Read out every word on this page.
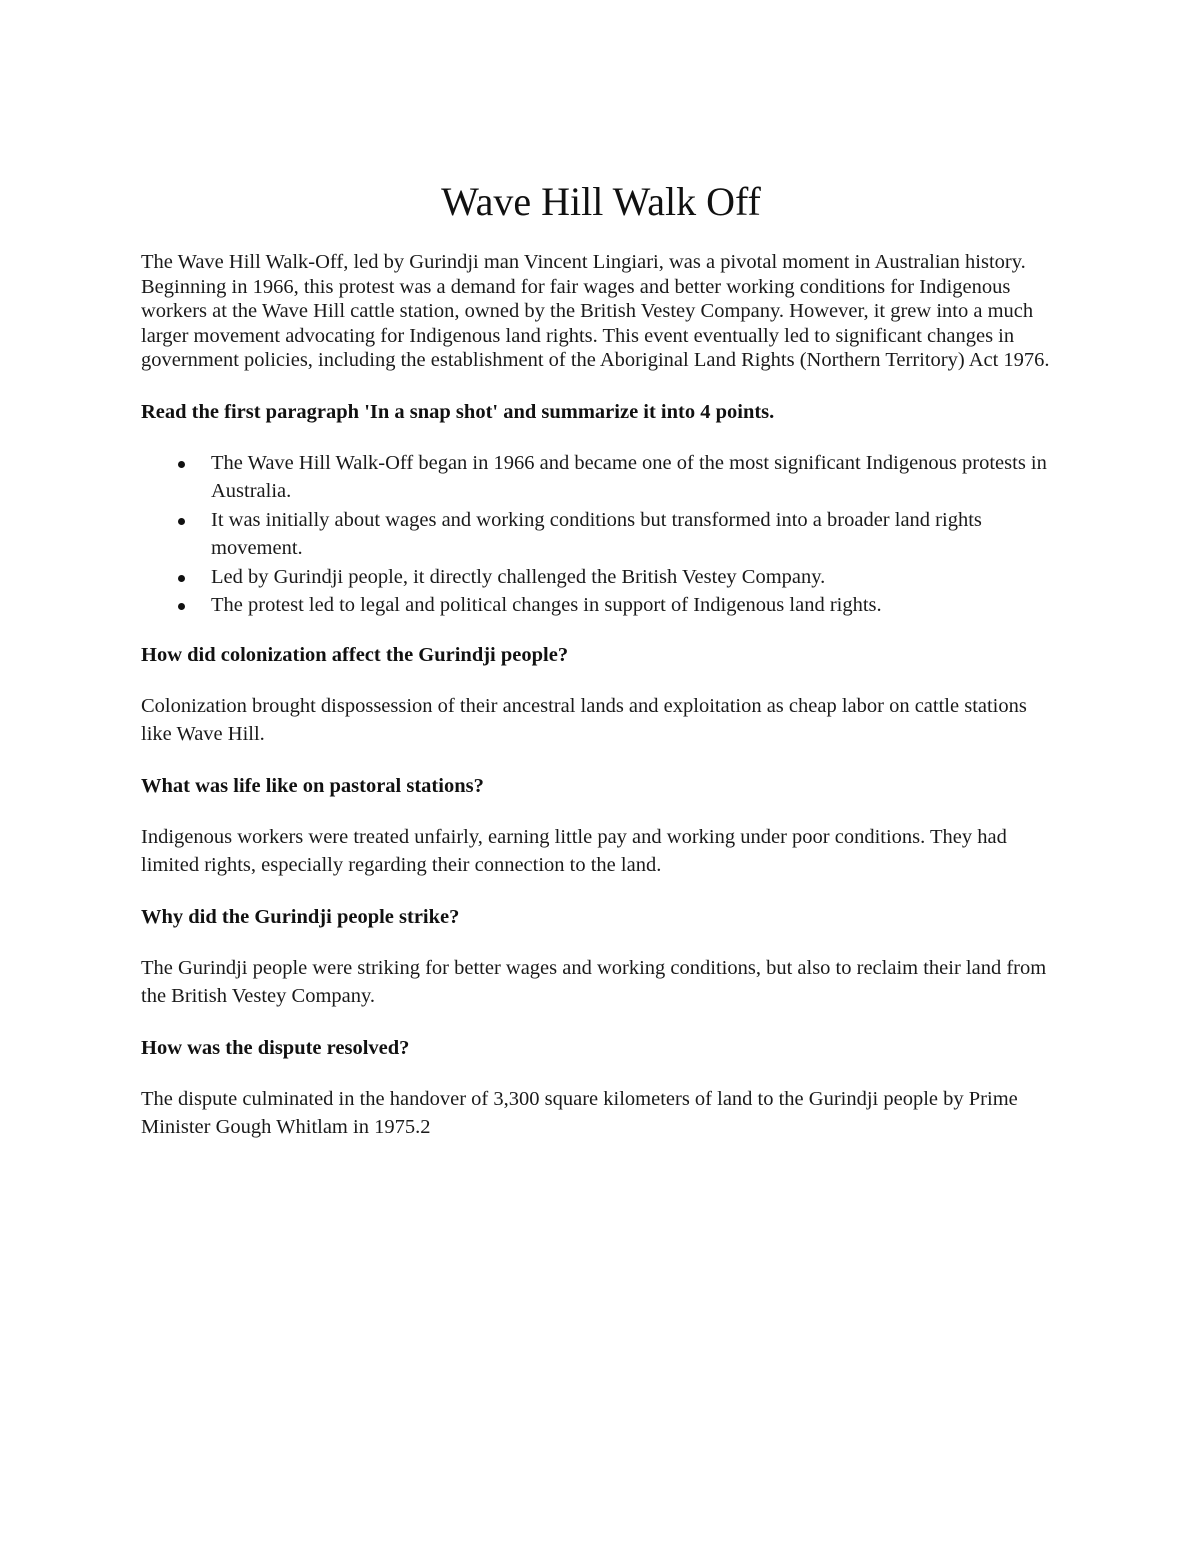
Wave Hill Walk Off

The Wave Hill Walk-Off, led by Gurindji man Vincent Lingiari, was a pivotal moment in Australian history. Beginning in 1966, this protest was a demand for fair wages and better working conditions for Indigenous workers at the Wave Hill cattle station, owned by the British Vestey Company. However, it grew into a much larger movement advocating for Indigenous land rights. This event eventually led to significant changes in government policies, including the establishment of the Aboriginal Land Rights (Northern Territory) Act 1976.

Read the first paragraph 'In a snap shot' and summarize it into 4 points.

The Wave Hill Walk-Off began in 1966 and became one of the most significant Indigenous protests in Australia.
It was initially about wages and working conditions but transformed into a broader land rights movement.
Led by Gurindji people, it directly challenged the British Vestey Company.
The protest led to legal and political changes in support of Indigenous land rights.

How did colonization affect the Gurindji people?

Colonization brought dispossession of their ancestral lands and exploitation as cheap labor on cattle stations like Wave Hill.

What was life like on pastoral stations?

Indigenous workers were treated unfairly, earning little pay and working under poor conditions. They had limited rights, especially regarding their connection to the land.

Why did the Gurindji people strike?

The Gurindji people were striking for better wages and working conditions, but also to reclaim their land from the British Vestey Company.

How was the dispute resolved?

The dispute culminated in the handover of 3,300 square kilometers of land to the Gurindji people by Prime Minister Gough Whitlam in 1975.2
